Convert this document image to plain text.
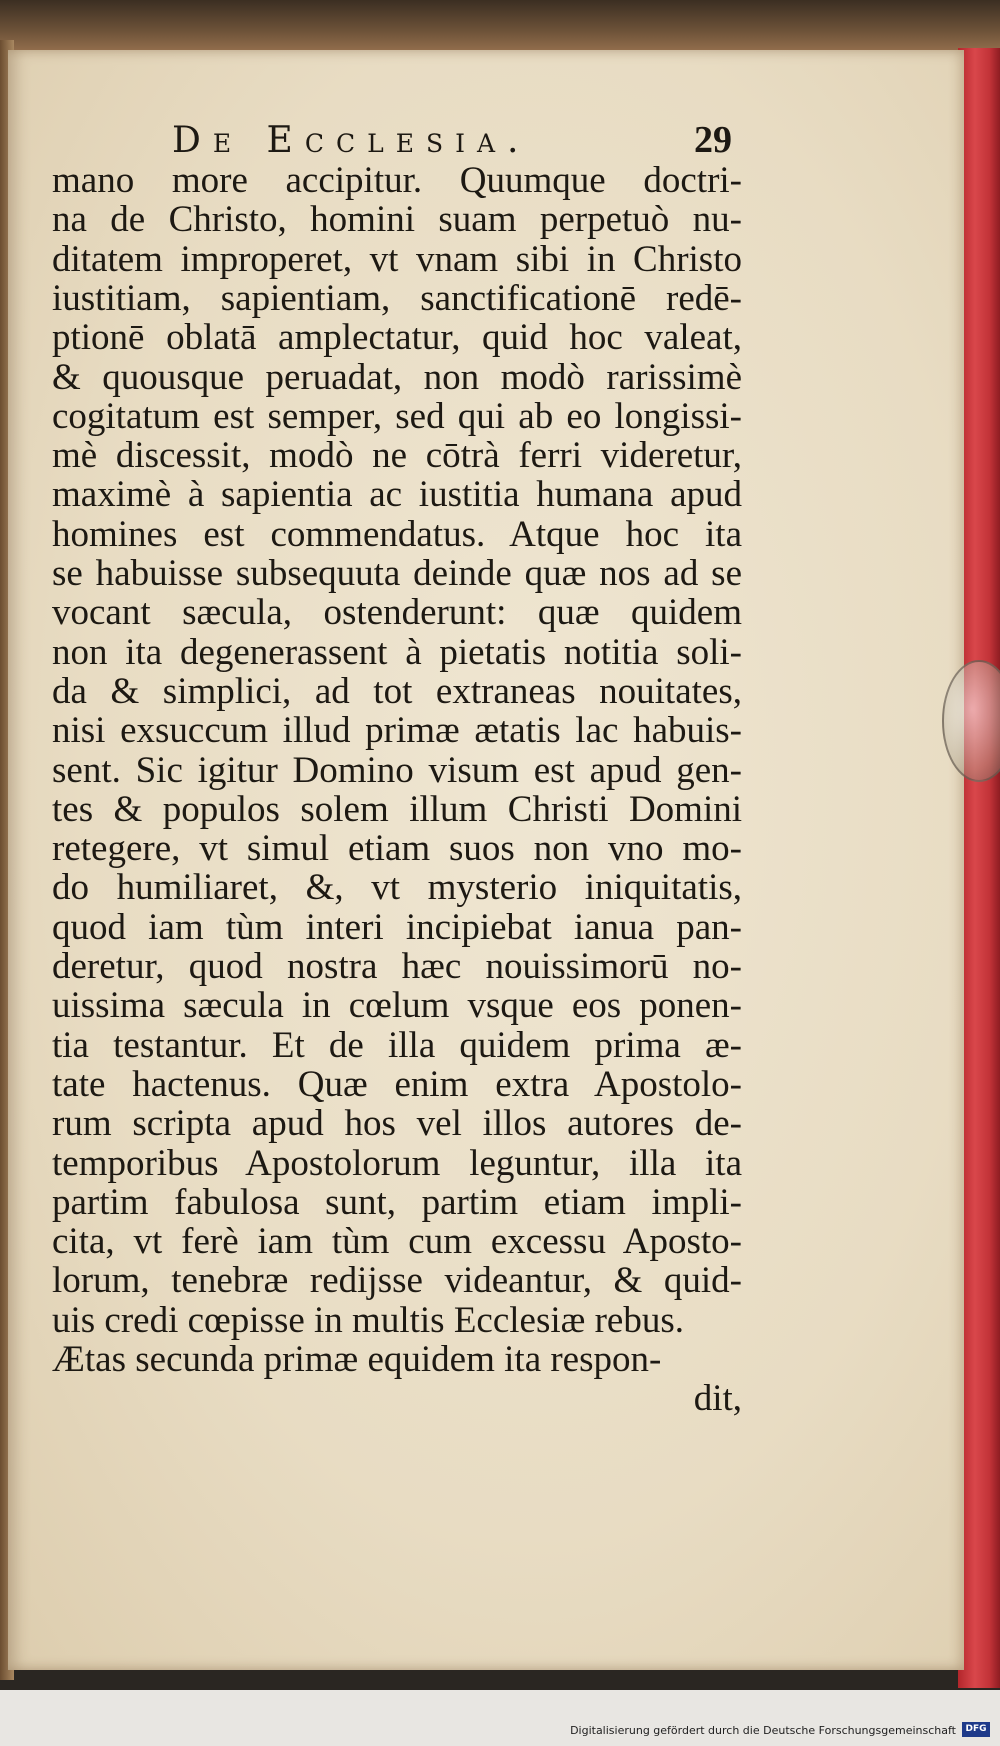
De Ecclesia.	29
mano more accipitur. Quumque doctri-
na de Christo, homini suam perpetuò nu-
ditatem improperet, vt vnam sibi in Christo
iustitiam, sapientiam, sanctificationē redē-
ptionē oblatā amplectatur, quid hoc valeat,
& quousque peruadat, non modò rarissimè
cogitatum est semper, sed qui ab eo longissi-
mè discessit, modò ne cōtrà ferri videretur,
maximè à sapientia ac iustitia humana apud
homines est commendatus. Atque hoc ita
se habuisse subsequuta deinde quæ nos ad se
vocant sæcula, ostenderunt: quæ quidem
non ita degenerassent à pietatis notitia soli-
da & simplici, ad tot extraneas nouitates,
nisi exsuccum illud primæ ætatis lac habuis-
sent. Sic igitur Domino visum est apud gen-
tes & populos solem illum Christi Domini
retegere, vt simul etiam suos non vno mo-
do humiliaret, &, vt mysterio iniquitatis,
quod iam tùm interi incipiebat ianua pan-
deretur, quod nostra hæc nouissimorū no-
uissima sæcula in cœlum vsque eos ponen-
tia testantur. Et de illa quidem prima æ-
tate hactenus. Quæ enim extra Apostolo-
rum scripta apud hos vel illos autores de-
temporibus Apostolorum leguntur, illa ita
partim fabulosa sunt, partim etiam impli-
cita, vt ferè iam tùm cum excessu Aposto-
lorum, tenebræ redijsse videantur, & quid-
uis credi cœpisse in multis Ecclesiæ rebus.
Ætas secunda primæ equidem ita respon-
dit,
Digitalisierung gefördert durch die Deutsche Forschungsgemeinschaft	DFG
